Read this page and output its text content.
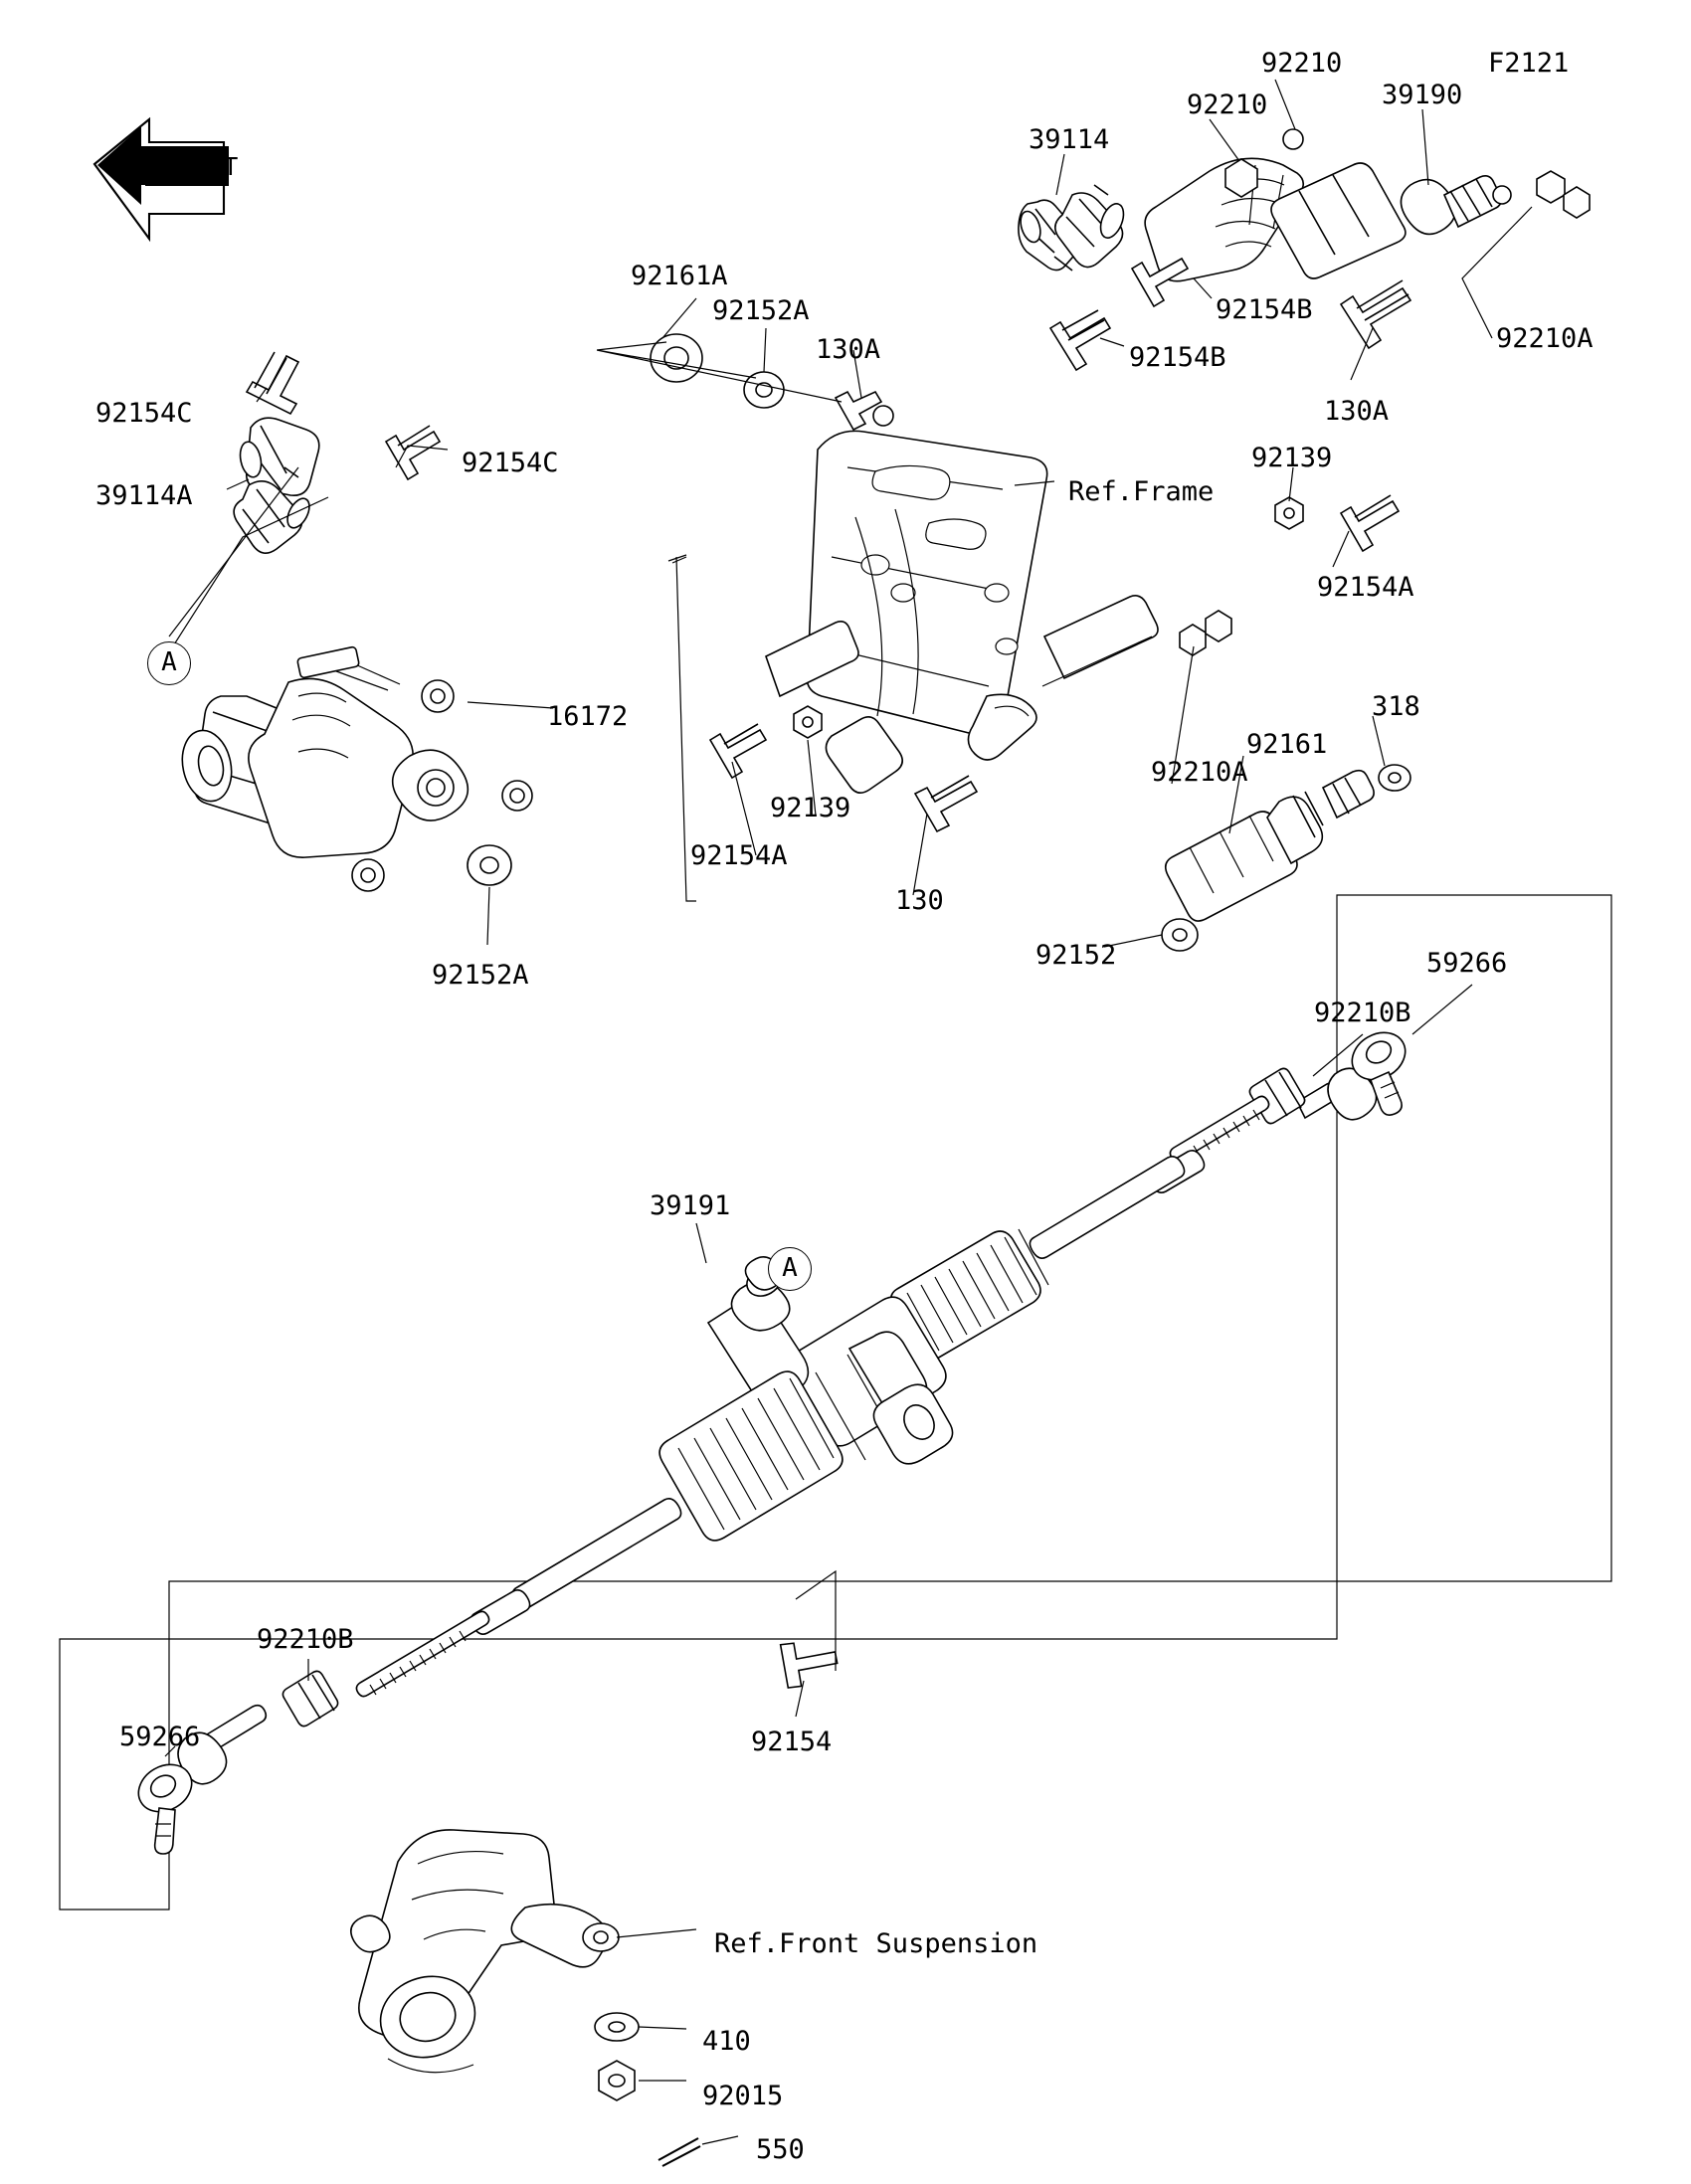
FRONT
F2121
92210
92210
39114
39190
92161A
92152A
130A
92154B
92154B
92210A
130A
92154C
92154C
39114A
92139
Ref.Frame
92154A
16172
92210A
318
92161
92139
92154A
130
92152A
92152	59266
92210B
39191
92210B
92154
59266
Ref.Front Suspension
410
92015
550
A
A
